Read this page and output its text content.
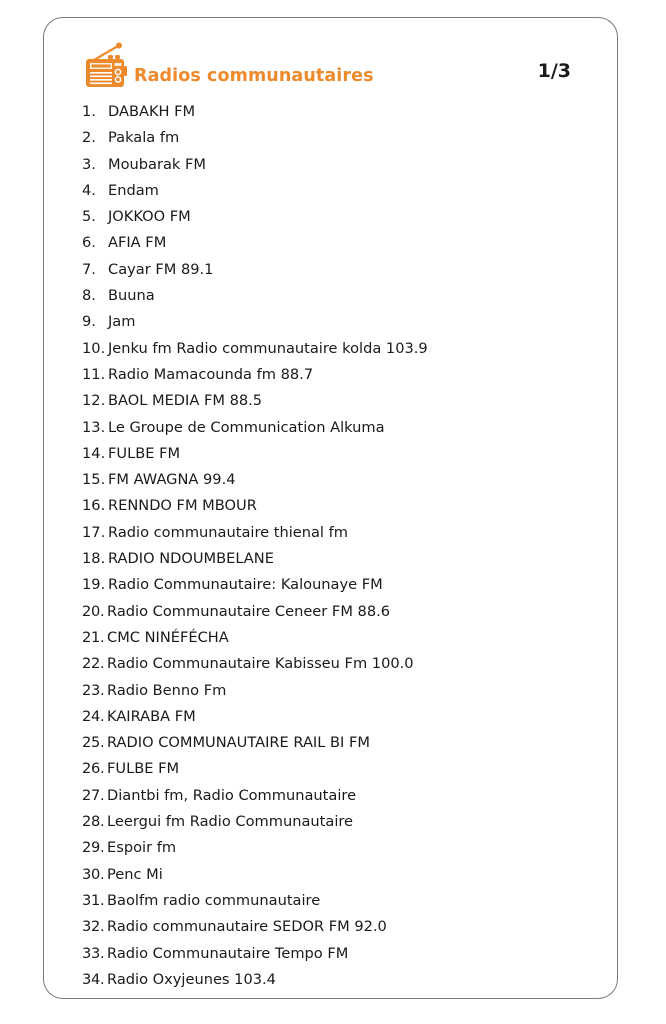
Radios communautaires	1/3
1. DABAKH FM
2. Pakala fm
3. Moubarak FM
4. Endam
5. JOKKOO FM
6. AFIA FM
7. Cayar FM 89.1
8. Buuna
9. Jam
10. Jenku fm Radio communautaire kolda 103.9
11. Radio Mamacounda fm 88.7
12. BAOL MEDIA FM 88.5
13. Le Groupe de Communication Alkuma
14. FULBE FM
15. FM AWAGNA 99.4
16. RENNDO FM MBOUR
17. Radio communautaire thienal fm
18. RADIO NDOUMBELANE
19. Radio Communautaire: Kalounaye FM
20. Radio Communautaire Ceneer FM 88.6
21. CMC NINÉFÉCHA
22. Radio Communautaire Kabisseu Fm 100.0
23. Radio Benno Fm
24. KAIRABA FM
25. RADIO COMMUNAUTAIRE RAIL BI FM
26. FULBE FM
27. Diantbi fm, Radio Communautaire
28. Leergui fm Radio Communautaire
29. Espoir fm
30. Penc Mi
31. Baolfm radio communautaire
32. Radio communautaire SEDOR FM 92.0
33. Radio Communautaire Tempo FM
34. Radio Oxyjeunes 103.4
